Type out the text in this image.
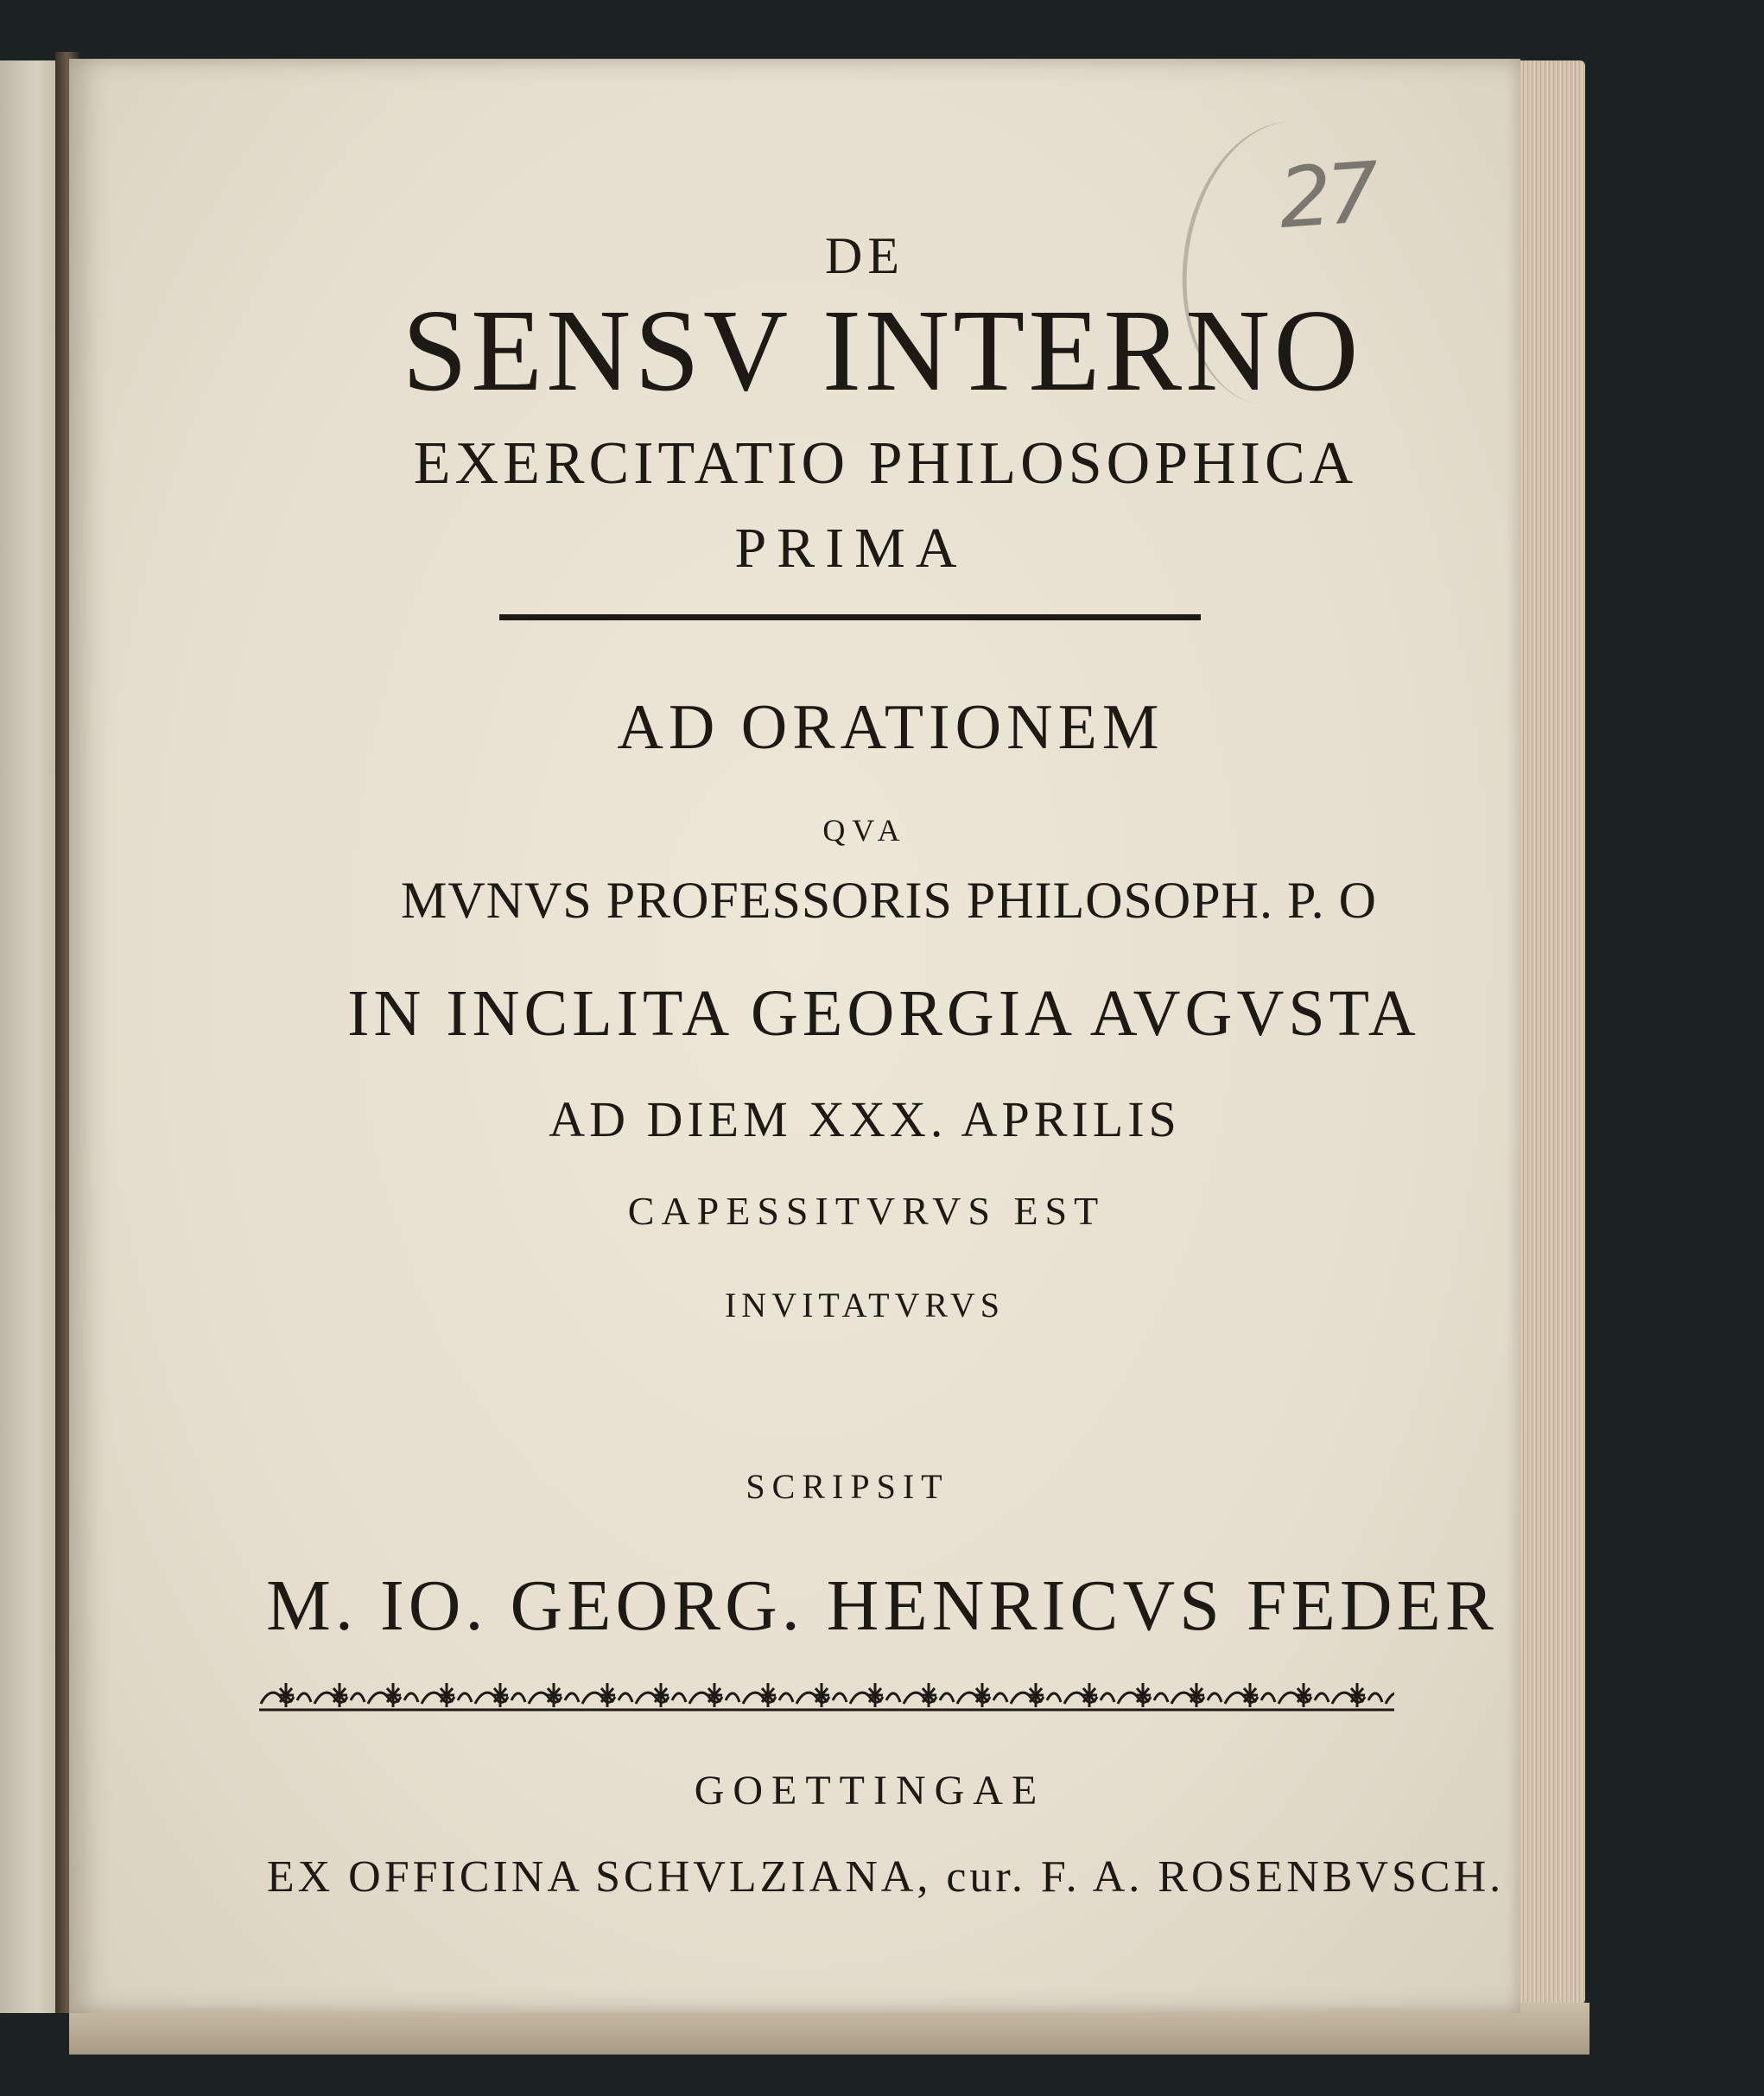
27
DE
SENSV INTERNO
EXERCITATIO PHILOSOPHICA
PRIMA
AD ORATIONEM
QVA
MVNVS PROFESSORIS PHILOSOPH. P. O
IN INCLITA GEORGIA AVGVSTA
AD DIEM XXX. APRILIS
CAPESSITVRVS EST
INVITATVRVS
SCRIPSIT
M. IO. GEORG. HENRICVS FEDER
GOETTINGAE
EX OFFICINA SCHVLZIANA, cur. F. A. ROSENBVSCH.
